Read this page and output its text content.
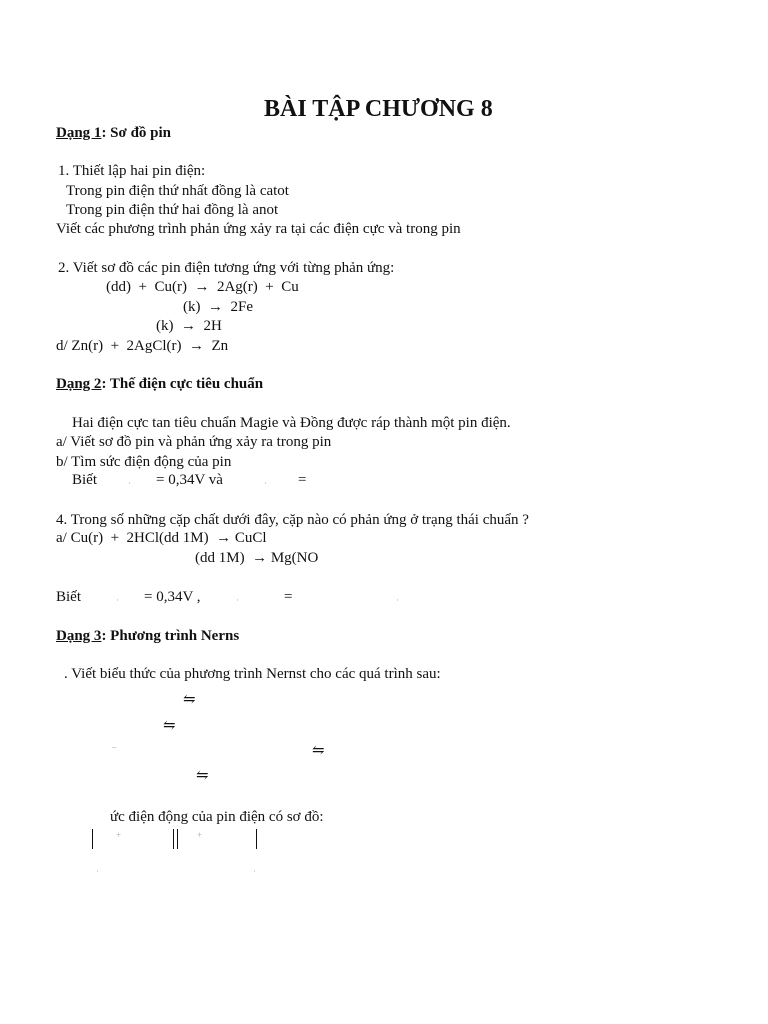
BÀI TẬP CHƯƠNG 8
Dạng 1: Sơ đồ pin
1. Thiết lập hai pin điện:
Trong pin điện thứ nhất đồng là catot
Trong pin điện thứ hai đồng là anot
Viết các phương trình phản ứng xảy ra tại các điện cực và trong pin
2. Viết sơ đồ các pin điện tương ứng với từng phản ứng:
(dd)  +  Cu(r)  →  2Ag(r)  +  Cu
(k)  →  2Fe
(k)  →  2H
d/ Zn(r)  +  2AgCl(r)  →  Zn
Dạng 2: Thế điện cực tiêu chuẩn
Hai điện cực tan tiêu chuẩn Magie và Đồng được ráp thành một pin điện.
a/ Viết sơ đồ pin và phản ứng xảy ra trong pin
b/ Tìm sức điện động của pin
Biết	· = 0,34V và	· =
4. Trong số những cặp chất dưới đây, cặp nào có phản ứng ở trạng thái chuẩn ?
a/ Cu(r)  +  2HCl(dd 1M)  → CuCl
(dd 1M)  → Mg(NO
Biết	· = 0,34V ,	·	=	·
Dạng 3: Phương trình Nerns
. Viết biểu thức của phương trình Nernst cho các quá trình sau:
⇋
⇋
–	⇋
⇋
ức điện động của pin điện có sơ đồ:
+	+
·	·
